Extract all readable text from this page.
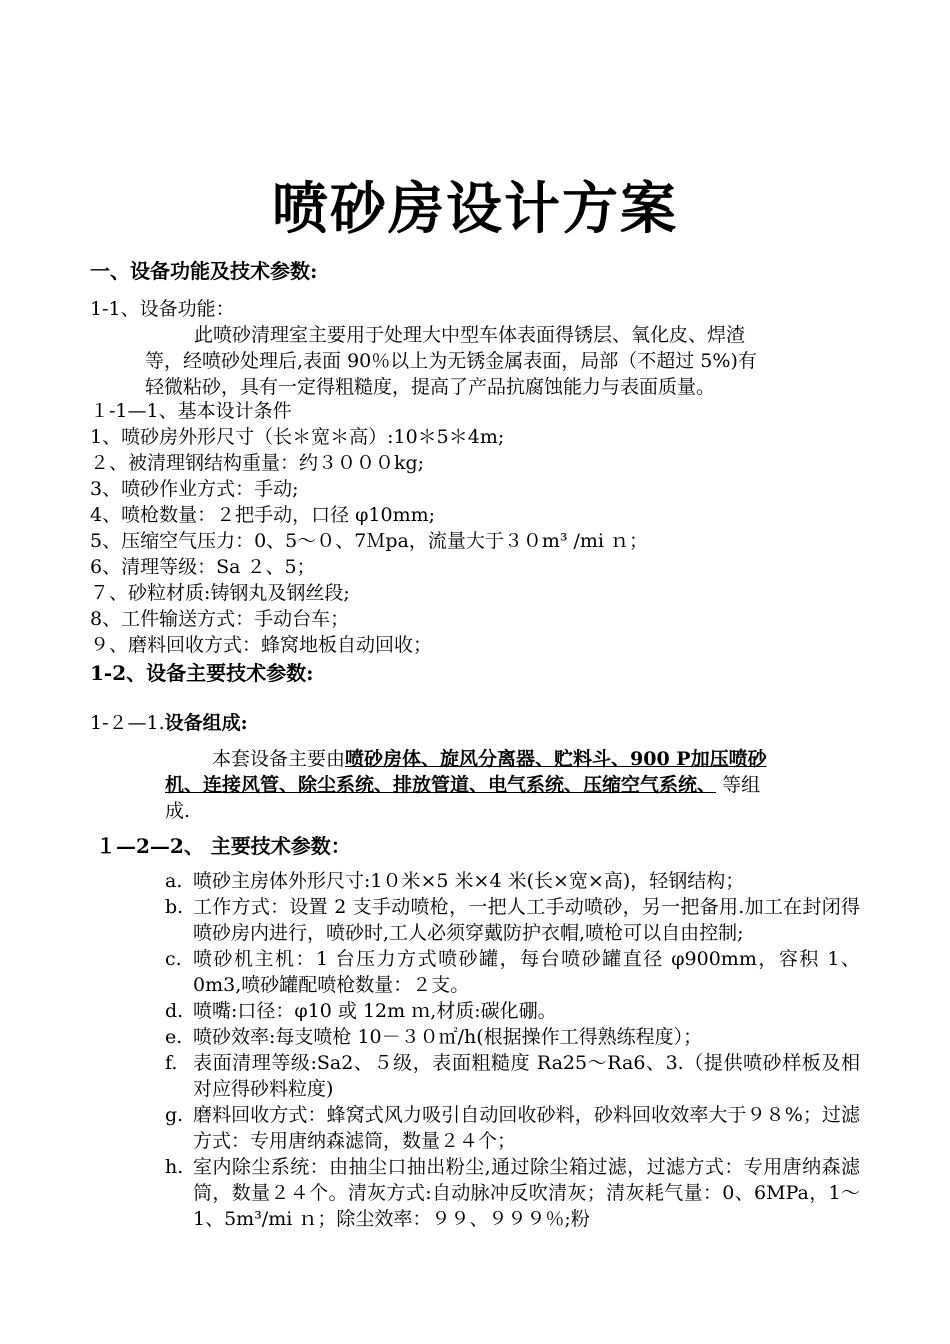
喷砂房设计方案
一、设备功能及技术参数:
1-1、设备功能：
此喷砂清理室主要用于处理大中型车体表面得锈层、氧化皮、焊渣
等，经喷砂处理后,表面 90％以上为无锈金属表面，局部（不超过 5%)有
轻微粘砂，具有一定得粗糙度，提高了产品抗腐蚀能力与表面质量。
１-1—1、基本设计条件
1、喷砂房外形尺寸（长＊宽＊高）:10＊5＊4m;
２、被清理钢结构重量：约３０００kg;
3、喷砂作业方式：手动;
4、喷枪数量：２把手动，口径 φ10mm;
5、压缩空气压力：0、5～０、7Ｍpa，流量大于３０m³ /mi ｎ；
6、清理等级：Sa ２、5；
７、砂粒材质:铸钢丸及钢丝段;
8、工件输送方式：手动台车；
９、磨料回收方式：蜂窝地板自动回收；
1-2、设备主要技术参数:
1-２—1.设备组成:
本套设备主要由喷砂房体、旋风分离器、贮料斗、900 P加压喷砂
机、连接风管、除尘系统、排放管道、电气系统、压缩空气系统、 等组
成.
１—2—2、 主要技术参数：
a. 喷砂主房体外形尺寸:1０米×5 米×4 米(长×宽×高)，轻钢结构；
b. 工作方式：设置 2 支手动喷枪，一把人工手动喷砂，另一把备用.加工在封闭得喷砂房内进行，喷砂时,工人必须穿戴防护衣帽,喷枪可以自由控制;
c. 喷砂机主机：1 台压力方式喷砂罐，每台喷砂罐直径 φ900mm，容积 1、0m3,喷砂罐配喷枪数量：２支。
d. 喷嘴:口径：φ10 或 12m ｍ,材质:碳化硼。
e. 喷砂效率:每支喷枪 10－３０㎡/h(根据操作工得熟练程度）；
f. 表面清理等级:Sa2、５级，表面粗糙度 Ra25～Ra6、3.（提供喷砂样板及相对应得砂料粒度)
g. 磨料回收方式：蜂窝式风力吸引自动回收砂料，砂料回收效率大于９８%；过滤方式：专用唐纳森滤筒，数量２４个；
h. 室内除尘系统：由抽尘口抽出粉尘,通过除尘箱过滤，过滤方式：专用唐纳森滤筒，数量２４个。清灰方式:自动脉冲反吹清灰；清灰耗气量：0、6MPa，1～1、5m³/mi ｎ；除尘效率：９９、９９９％;粉
